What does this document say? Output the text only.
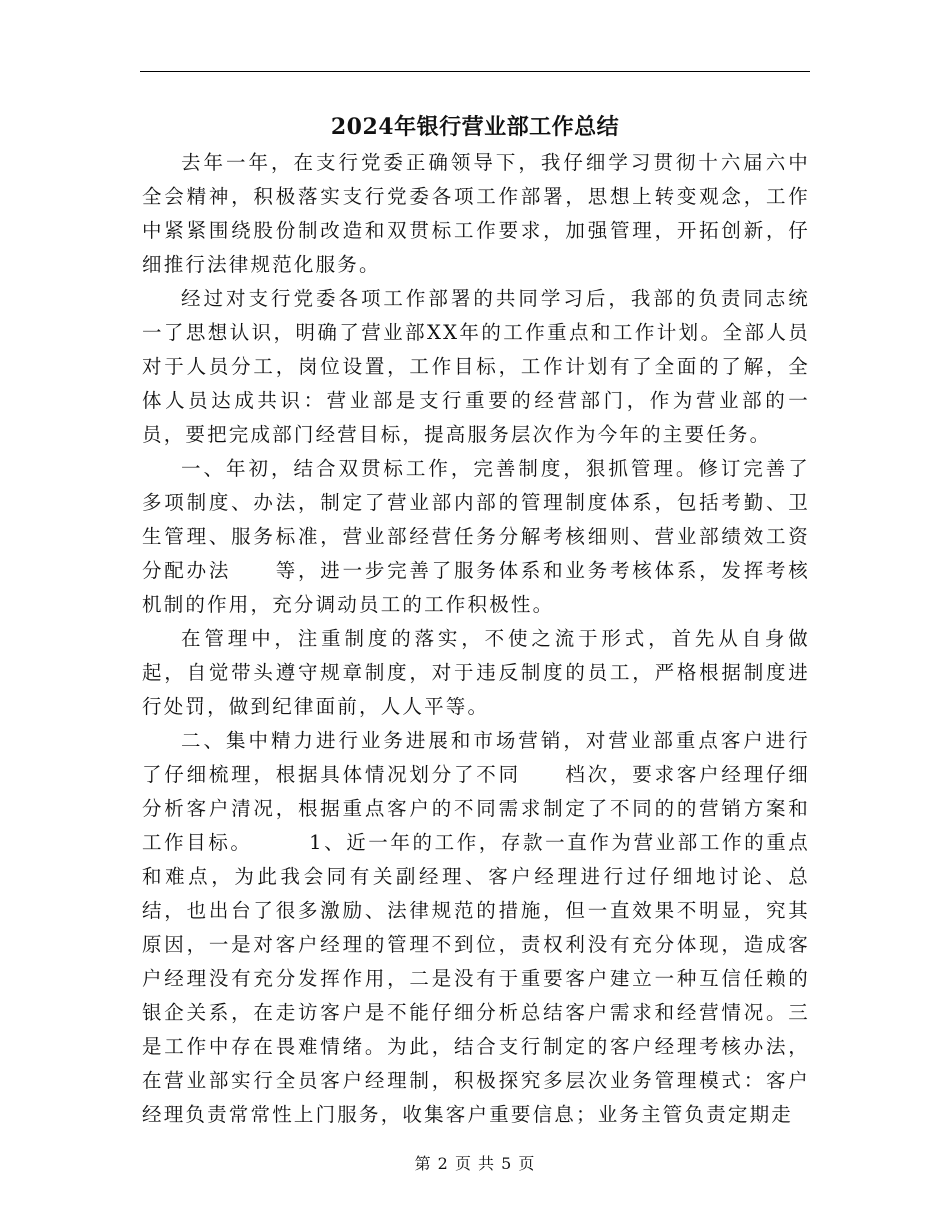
2024年银行营业部工作总结

去年一年，在支行党委正确领导下，我仔细学习贯彻十六届六中全会精神，积极落实支行党委各项工作部署，思想上转变观念，工作中紧紧围绕股份制改造和双贯标工作要求，加强管理，开拓创新，仔细推行法律规范化服务。

经过对支行党委各项工作部署的共同学习后，我部的负责同志统一了思想认识，明确了营业部XX年的工作重点和工作计划。全部人员对于人员分工，岗位设置，工作目标，工作计划有了全面的了解，全体人员达成共识：营业部是支行重要的经营部门，作为营业部的一员，要把完成部门经营目标，提高服务层次作为今年的主要任务。

一、年初，结合双贯标工作，完善制度，狠抓管理。修订完善了多项制度、办法，制定了营业部内部的管理制度体系，包括考勤、卫生管理、服务标准，营业部经营任务分解考核细则、营业部绩效工资分配办法　　等，进一步完善了服务体系和业务考核体系，发挥考核机制的作用，充分调动员工的工作积极性。

在管理中，注重制度的落实，不使之流于形式，首先从自身做起，自觉带头遵守规章制度，对于违反制度的员工，严格根据制度进行处罚，做到纪律面前，人人平等。

二、集中精力进行业务进展和市场营销，对营业部重点客户进行了仔细梳理，根据具体情况划分了不同　　档次，要求客户经理仔细分析客户清况，根据重点客户的不同需求制定了不同的的营销方案和工作目标。　　　1、近一年的工作，存款一直作为营业部工作的重点和难点，为此我会同有关副经理、客户经理进行过仔细地讨论、总结，也出台了很多激励、法律规范的措施，但一直效果不明显，究其原因，一是对客户经理的管理不到位，责权利没有充分体现，造成客户经理没有充分发挥作用，二是没有于重要客户建立一种互信任赖的银企关系，在走访客户是不能仔细分析总结客户需求和经营情况。三是工作中存在畏难情绪。为此，结合支行制定的客户经理考核办法，在营业部实行全员客户经理制，积极探究多层次业务管理模式：客户经理负责常常性上门服务，收集客户重要信息；业务主管负责定期走

第 2 页 共 5 页
